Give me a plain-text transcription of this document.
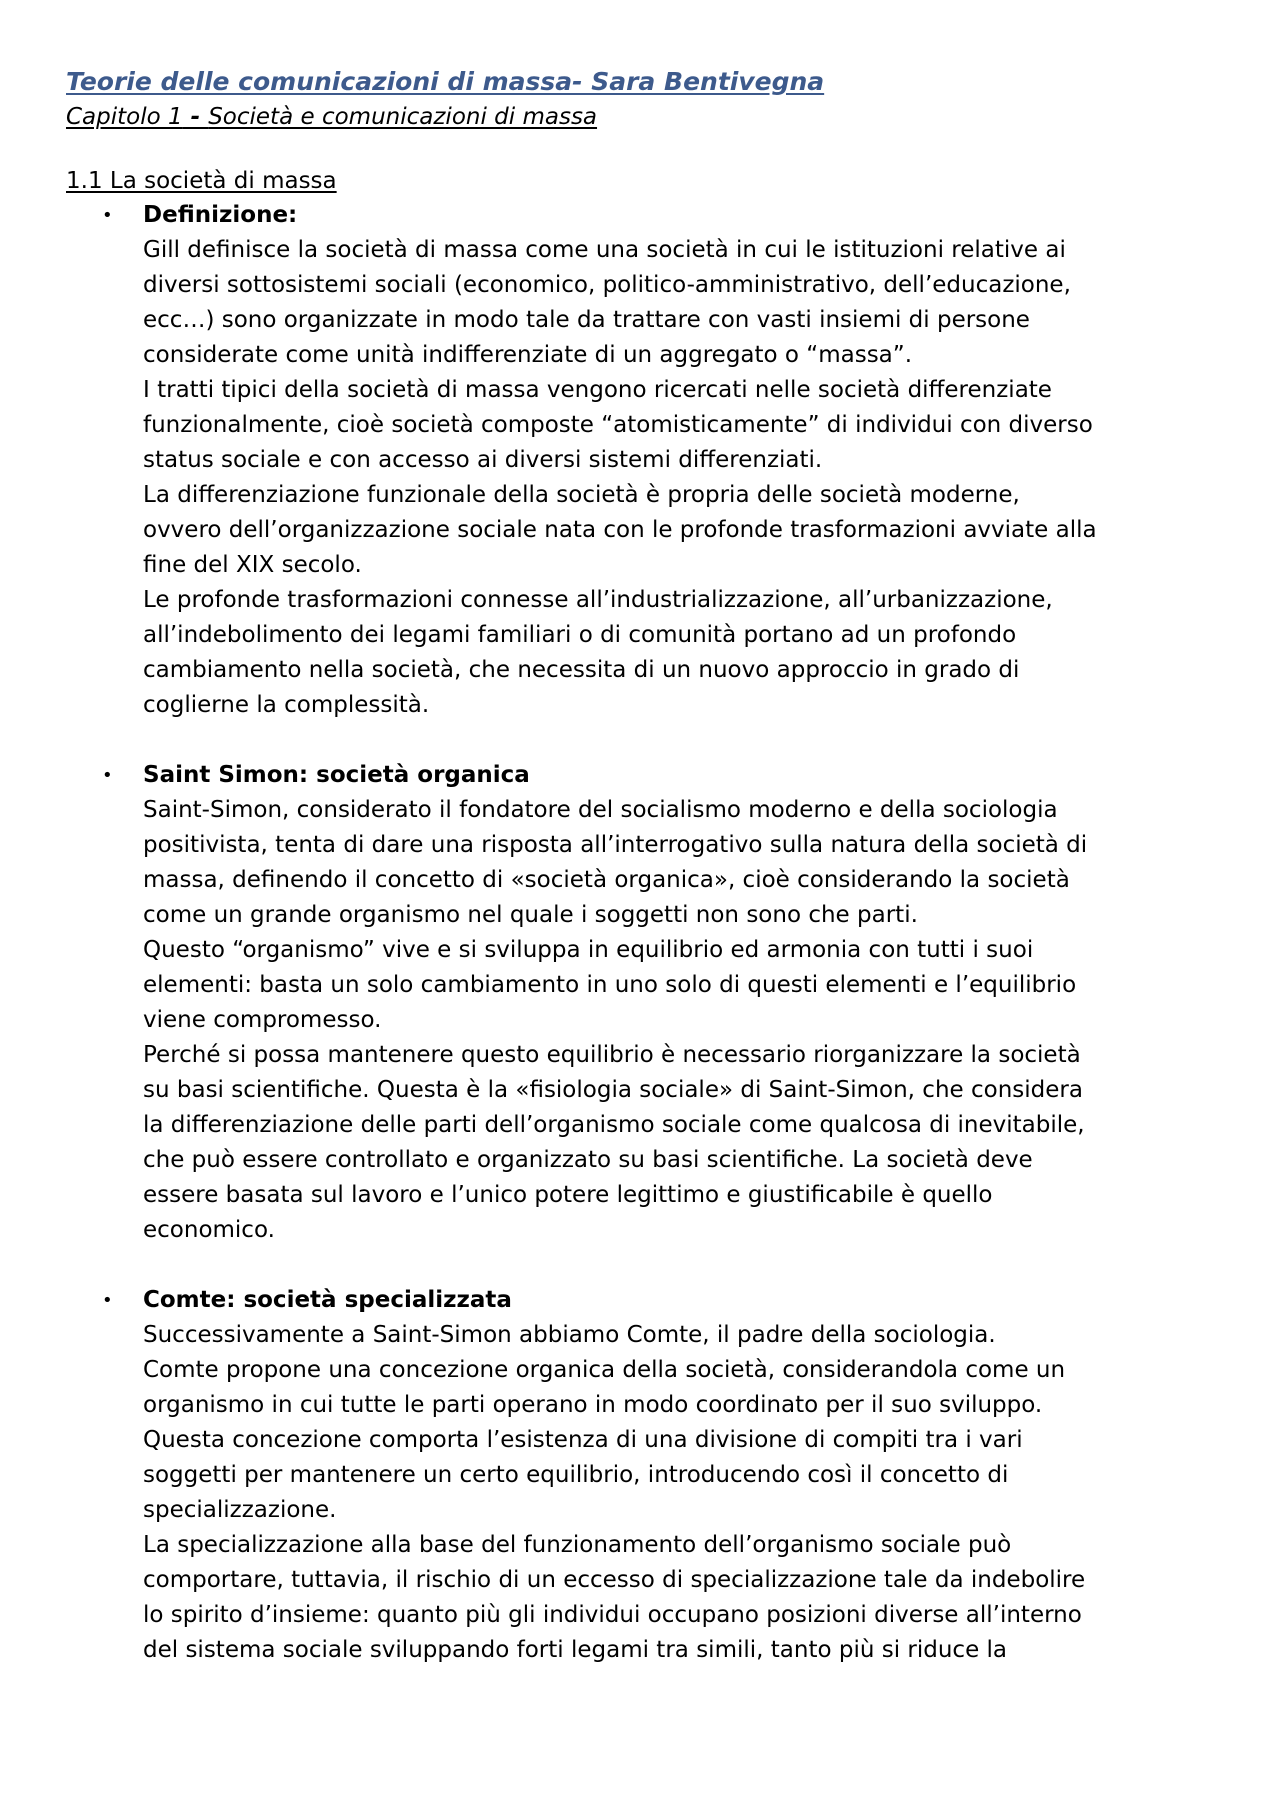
Teorie delle comunicazioni di massa- Sara Bentivegna
Capitolo 1 - Società e comunicazioni di massa
1.1 La società di massa
• Definizione:
Gill definisce la società di massa come una società in cui le istituzioni relative ai
diversi sottosistemi sociali (economico, politico-amministrativo, dell’educazione,
ecc…) sono organizzate in modo tale da trattare con vasti insiemi di persone
considerate come unità indifferenziate di un aggregato o “massa”.
I tratti tipici della società di massa vengono ricercati nelle società differenziate
funzionalmente, cioè società composte “atomisticamente” di individui con diverso
status sociale e con accesso ai diversi sistemi differenziati.
La differenziazione funzionale della società è propria delle società moderne,
ovvero dell’organizzazione sociale nata con le profonde trasformazioni avviate alla
fine del XIX secolo.
Le profonde trasformazioni connesse all’industrializzazione, all’urbanizzazione,
all’indebolimento dei legami familiari o di comunità portano ad un profondo
cambiamento nella società, che necessita di un nuovo approccio in grado di
coglierne la complessità.
• Saint Simon: società organica
Saint-Simon, considerato il fondatore del socialismo moderno e della sociologia
positivista, tenta di dare una risposta all’interrogativo sulla natura della società di
massa, definendo il concetto di «società organica», cioè considerando la società
come un grande organismo nel quale i soggetti non sono che parti.
Questo “organismo” vive e si sviluppa in equilibrio ed armonia con tutti i suoi
elementi: basta un solo cambiamento in uno solo di questi elementi e l’equilibrio
viene compromesso.
Perché si possa mantenere questo equilibrio è necessario riorganizzare la società
su basi scientifiche. Questa è la «fisiologia sociale» di Saint-Simon, che considera
la differenziazione delle parti dell’organismo sociale come qualcosa di inevitabile,
che può essere controllato e organizzato su basi scientifiche. La società deve
essere basata sul lavoro e l’unico potere legittimo e giustificabile è quello
economico.
• Comte: società specializzata
Successivamente a Saint-Simon abbiamo Comte, il padre della sociologia.
Comte propone una concezione organica della società, considerandola come un
organismo in cui tutte le parti operano in modo coordinato per il suo sviluppo.
Questa concezione comporta l’esistenza di una divisione di compiti tra i vari
soggetti per mantenere un certo equilibrio, introducendo così il concetto di
specializzazione.
La specializzazione alla base del funzionamento dell’organismo sociale può
comportare, tuttavia, il rischio di un eccesso di specializzazione tale da indebolire
lo spirito d’insieme: quanto più gli individui occupano posizioni diverse all’interno
del sistema sociale sviluppando forti legami tra simili, tanto più si riduce la
